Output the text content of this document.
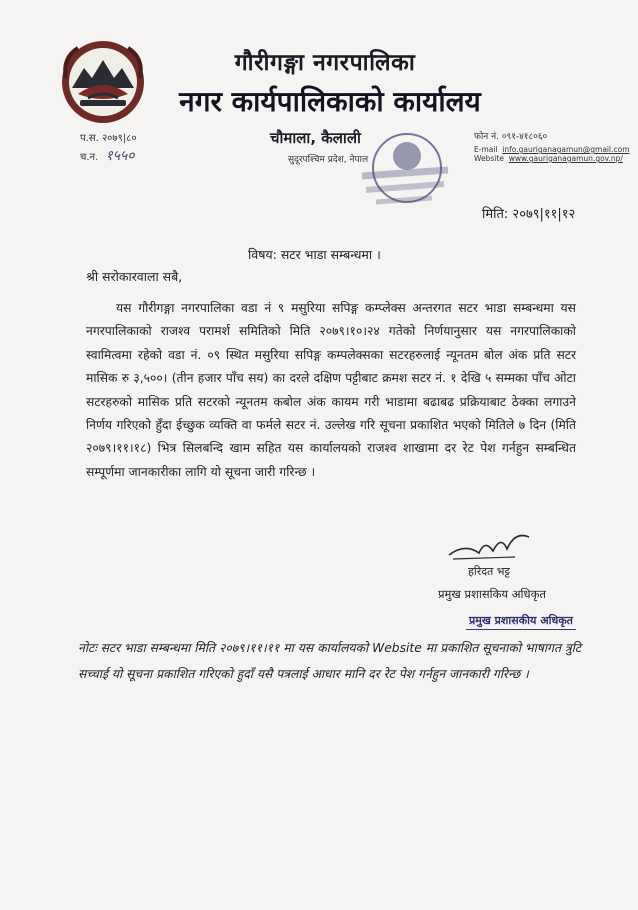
गौरीगङ्गा नगरपालिका
नगर कार्यपालिकाको कार्यालय
चौमाला, कैलाली
सुदूरपश्चिम प्रदेश, नेपाल
प.स. २०७९|८०
च.न. १५५०
फोन नं. ०९१-४१८०६०
E-mail info.gauriganagamun@gmail.com
Website www.gauriganagamun.gov.np/
मिति: २०७९|११|१२
विषय: सटर भाडा सम्बन्धमा ।
श्री सरोकारवाला सबै,
यस गौरीगङ्गा नगरपालिका वडा नं ९ मसुरिया सपिङ्ग कम्प्लेक्स अन्तरगत सटर भाडा सम्बन्धमा यस नगरपालिकाको राजश्व परामर्श समितिको मिति २०७९।१०।२४ गतेको निर्णयानुसार यस नगरपालिकाको स्वामित्वमा रहेको वडा नं. ०९ स्थित मसुरिया सपिङ्ग कम्पलेक्सका सटरहरुलाई न्यूनतम बोल अंक प्रति सटर मासिक रु ३,५००। (तीन हजार पाँच सय) का दरले दक्षिण पट्टीबाट क्रमश सटर नं. १ देखि ५ सम्मका पाँच ओटा सटरहरुको मासिक प्रति सटरको न्यूनतम कबोल अंक कायम गरी भाडामा बढाबढ प्रक्रियाबाट ठेक्का लगाउने निर्णय गरिएको हुँदा ईच्छुक व्यक्ति वा फर्मले सटर नं. उल्लेख गरि सूचना प्रकाशित भएको मितिले ७ दिन (मिति २०७९।११।१८) भित्र सिलबन्दि खाम सहित यस कार्यालयको राजश्व शाखामा दर रेट पेश गर्नहुन सम्बन्धित सम्पूर्णमा जानकारीका लागि यो सूचना जारी गरिन्छ ।
हरिदत भट्ट
प्रमुख प्रशासकिय अधिकृत
प्रमुख प्रशासकीय अधिकृत
नोटः सटर भाडा सम्बन्धमा मिति २०७९।११।११ मा यस कार्यालयको Website मा प्रकाशित सूचनाको भाषागत त्रुटि सच्चाई यो सूचना प्रकाशित गरिएको हुदाँ यसै पत्रलाई आधार मानि दर रेट पेश गर्नहुन जानकारी गरिन्छ ।
